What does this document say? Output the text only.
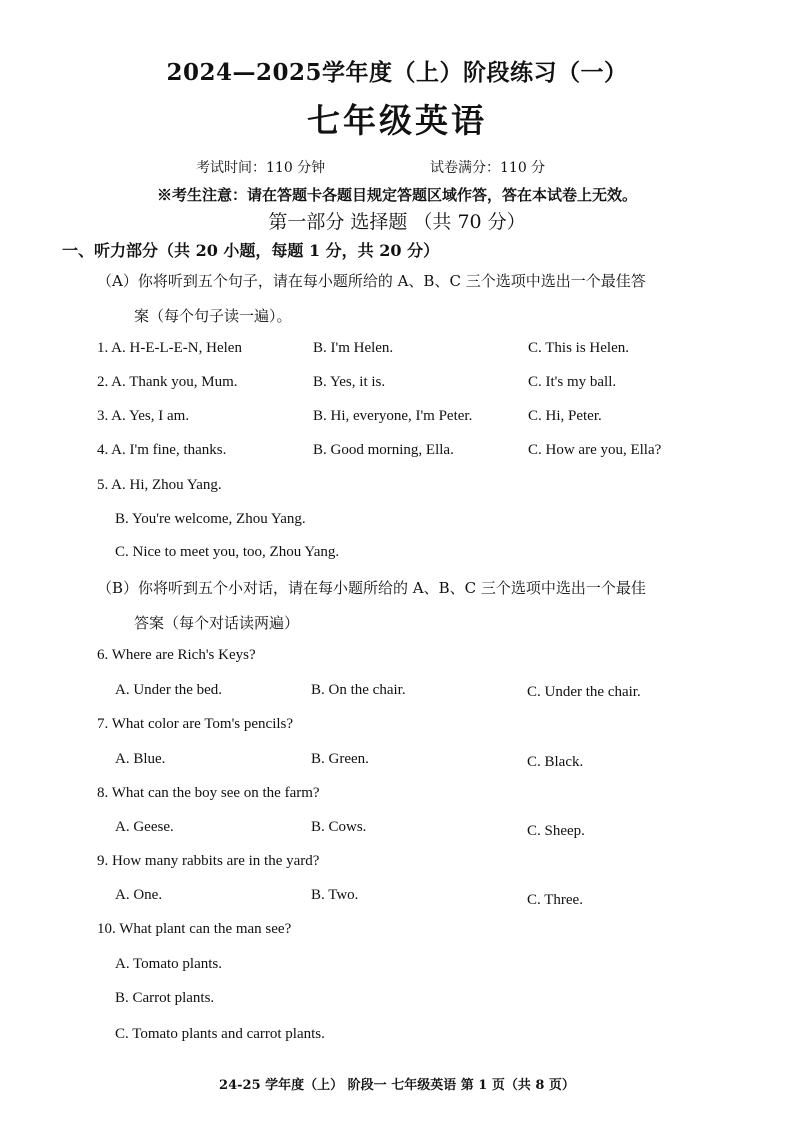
2024—2025学年度（上）阶段练习（一）
七年级英语
考试时间：110 分钟	试卷满分：110 分
※考生注意：请在答题卡各题目规定答题区域作答，答在本试卷上无效。
第一部分 选择题 （共 70 分）
一、听力部分（共 20 小题，每题 1 分，共 20 分）
（A）你将听到五个句子，请在每小题所给的 A、B、C 三个选项中选出一个最佳答
案（每个句子读一遍）。
1. A. H-E-L-E-N, Helen	B. I'm Helen.	C. This is Helen.
2. A. Thank you, Mum.	B. Yes, it is.	C. It's my ball.
3. A. Yes, I am.	B. Hi, everyone, I'm Peter.	C. Hi, Peter.
4. A. I'm fine, thanks.	B. Good morning, Ella.	C. How are you, Ella?
5. A. Hi, Zhou Yang.
B. You're welcome, Zhou Yang.
C. Nice to meet you, too, Zhou Yang.
（B）你将听到五个小对话，请在每小题所给的 A、B、C 三个选项中选出一个最佳
答案（每个对话读两遍）
6. Where are Rich's Keys?
A. Under the bed.	B. On the chair.	C. Under the chair.
7. What color are Tom's pencils?
A. Blue.	B. Green.	C. Black.
8. What can the boy see on the farm?
A. Geese.	B. Cows.	C. Sheep.
9. How many rabbits are in the yard?
A. One.	B. Two.	C. Three.
10. What plant can the man see?
A. Tomato plants.
B. Carrot plants.
C. Tomato plants and carrot plants.
24-25 学年度（上） 阶段一 七年级英语 第 1 页（共 8 页）
